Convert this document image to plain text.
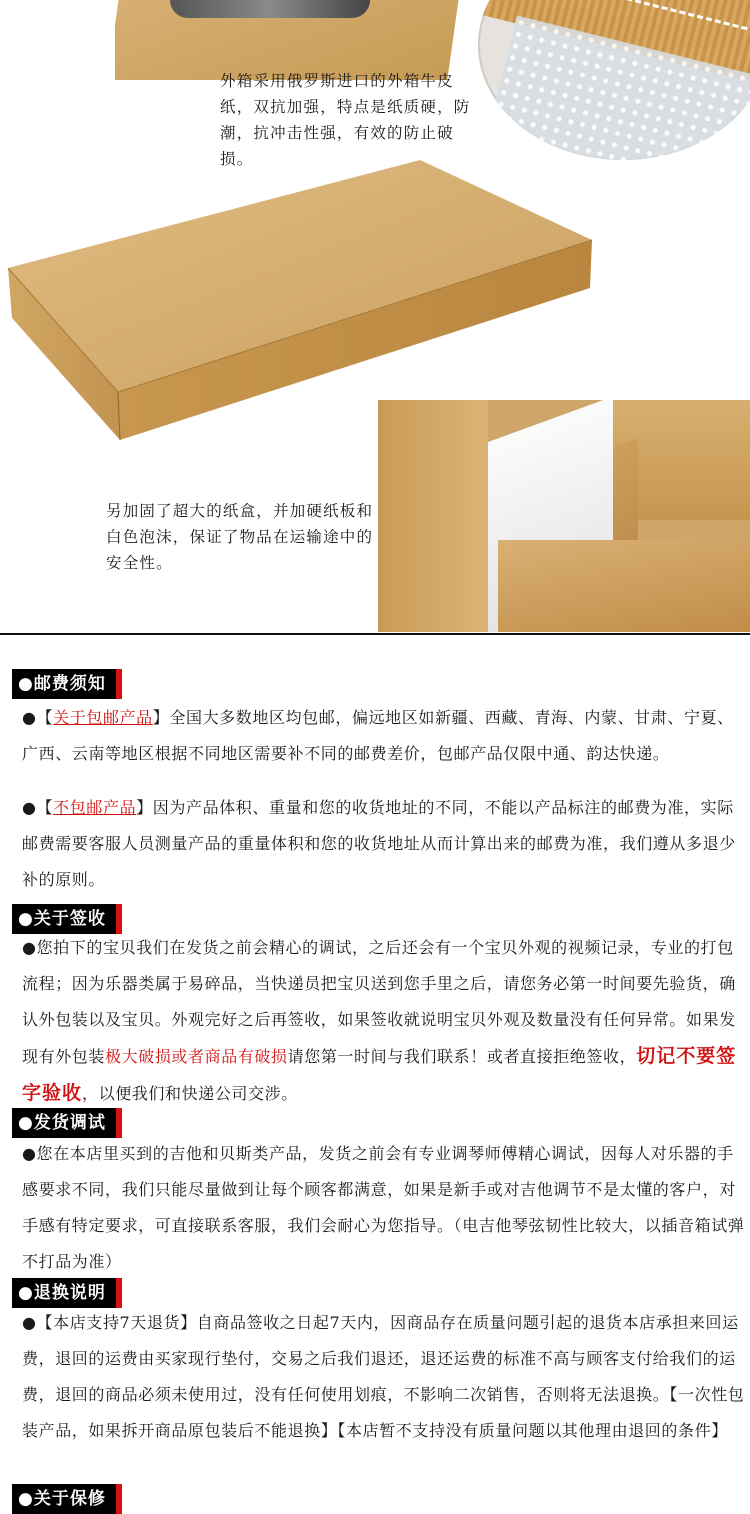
外箱采用俄罗斯进口的外箱牛皮纸，双抗加强，特点是纸质硬，防潮，抗冲击性强，有效的防止破损。
另加固了超大的纸盒，并加硬纸板和白色泡沫，保证了物品在运输途中的安全性。
●邮费须知
●【关于包邮产品】全国大多数地区均包邮，偏远地区如新疆、西藏、青海、内蒙、甘肃、宁夏、广西、云南等地区根据不同地区需要补不同的邮费差价，包邮产品仅限中通、韵达快递。
●【不包邮产品】因为产品体积、重量和您的收货地址的不同，不能以产品标注的邮费为准，实际邮费需要客服人员测量产品的重量体积和您的收货地址从而计算出来的邮费为准，我们遵从多退少补的原则。
●关于签收
●您拍下的宝贝我们在发货之前会精心的调试，之后还会有一个宝贝外观的视频记录，专业的打包流程；因为乐器类属于易碎品，当快递员把宝贝送到您手里之后，请您务必第一时间要先验货，确认外包装以及宝贝。外观完好之后再签收，如果签收就说明宝贝外观及数量没有任何异常。如果发现有外包装极大破损或者商品有破损请您第一时间与我们联系！或者直接拒绝签收，切记不要签字验收，以便我们和快递公司交涉。
●发货调试
●您在本店里买到的吉他和贝斯类产品，发货之前会有专业调琴师傅精心调试，因每人对乐器的手感要求不同，我们只能尽量做到让每个顾客都满意，如果是新手或对吉他调节不是太懂的客户，对手感有特定要求，可直接联系客服，我们会耐心为您指导。（电吉他琴弦韧性比较大，以插音箱试弹不打品为准）
●退换说明
●【本店支持7天退货】自商品签收之日起7天内，因商品存在质量问题引起的退货本店承担来回运费，退回的运费由买家现行垫付，交易之后我们退还，退还运费的标准不高与顾客支付给我们的运费，退回的商品必须未使用过，没有任何使用划痕，不影响二次销售，否则将无法退换。【一次性包装产品，如果拆开商品原包装后不能退换】【本店暂不支持没有质量问题以其他理由退回的条件】
●关于保修
